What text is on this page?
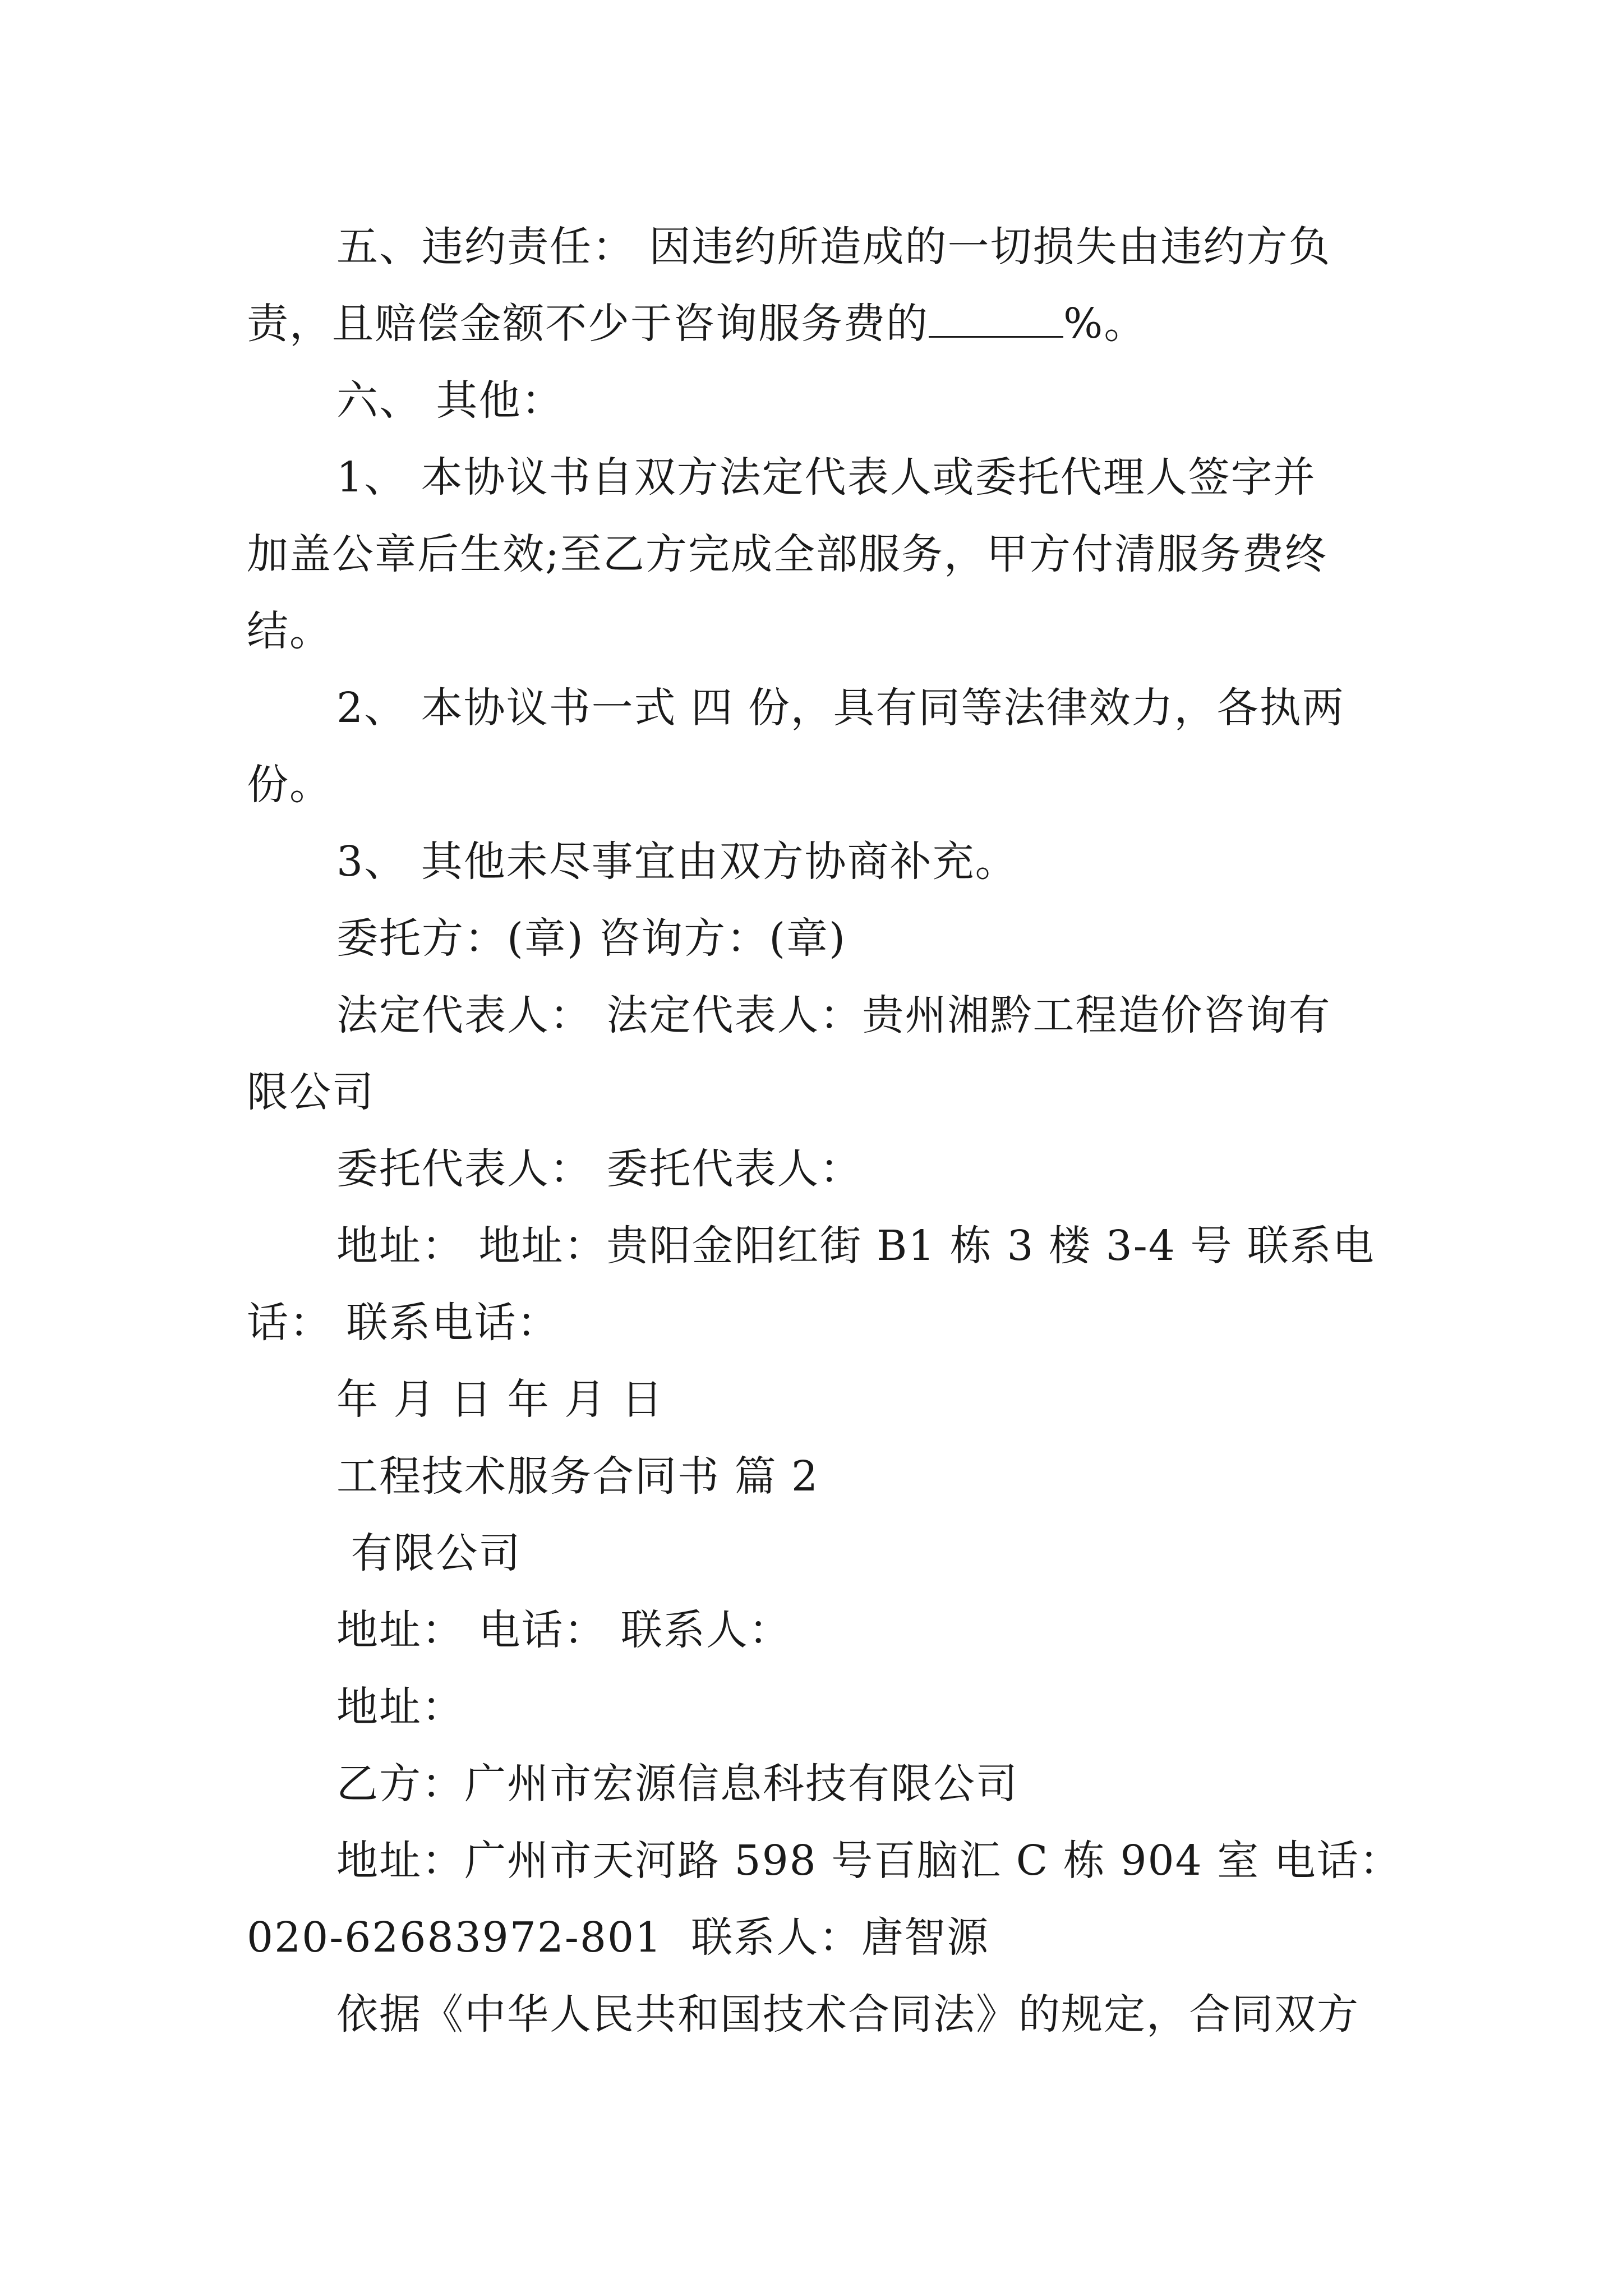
五、违约责任： 因违约所造成的一切损失由违约方负
责，且赔偿金额不少于咨询服务费的	%。
六、 其他：
1、 本协议书自双方法定代表人或委托代理人签字并
加盖公章后生效;至乙方完成全部服务，甲方付清服务费终
结。
2、 本协议书一式 四 份，具有同等法律效力，各执两
份。
3、 其他未尽事宜由双方协商补充。
委托方：(章) 咨询方：(章)
法定代表人： 法定代表人：贵州湘黔工程造价咨询有
限公司
委托代表人： 委托代表人：
地址： 地址：贵阳金阳红街 B1 栋 3 楼 3-4 号 联系电
话： 联系电话：
年 月 日 年 月 日
工程技术服务合同书 篇 2
有限公司
地址： 电话： 联系人：
地址：
乙方：广州市宏源信息科技有限公司
地址：广州市天河路 598 号百脑汇 C 栋 904 室 电话：
020-62683972-801  联系人：唐智源
依据《中华人民共和国技术合同法》的规定，合同双方
